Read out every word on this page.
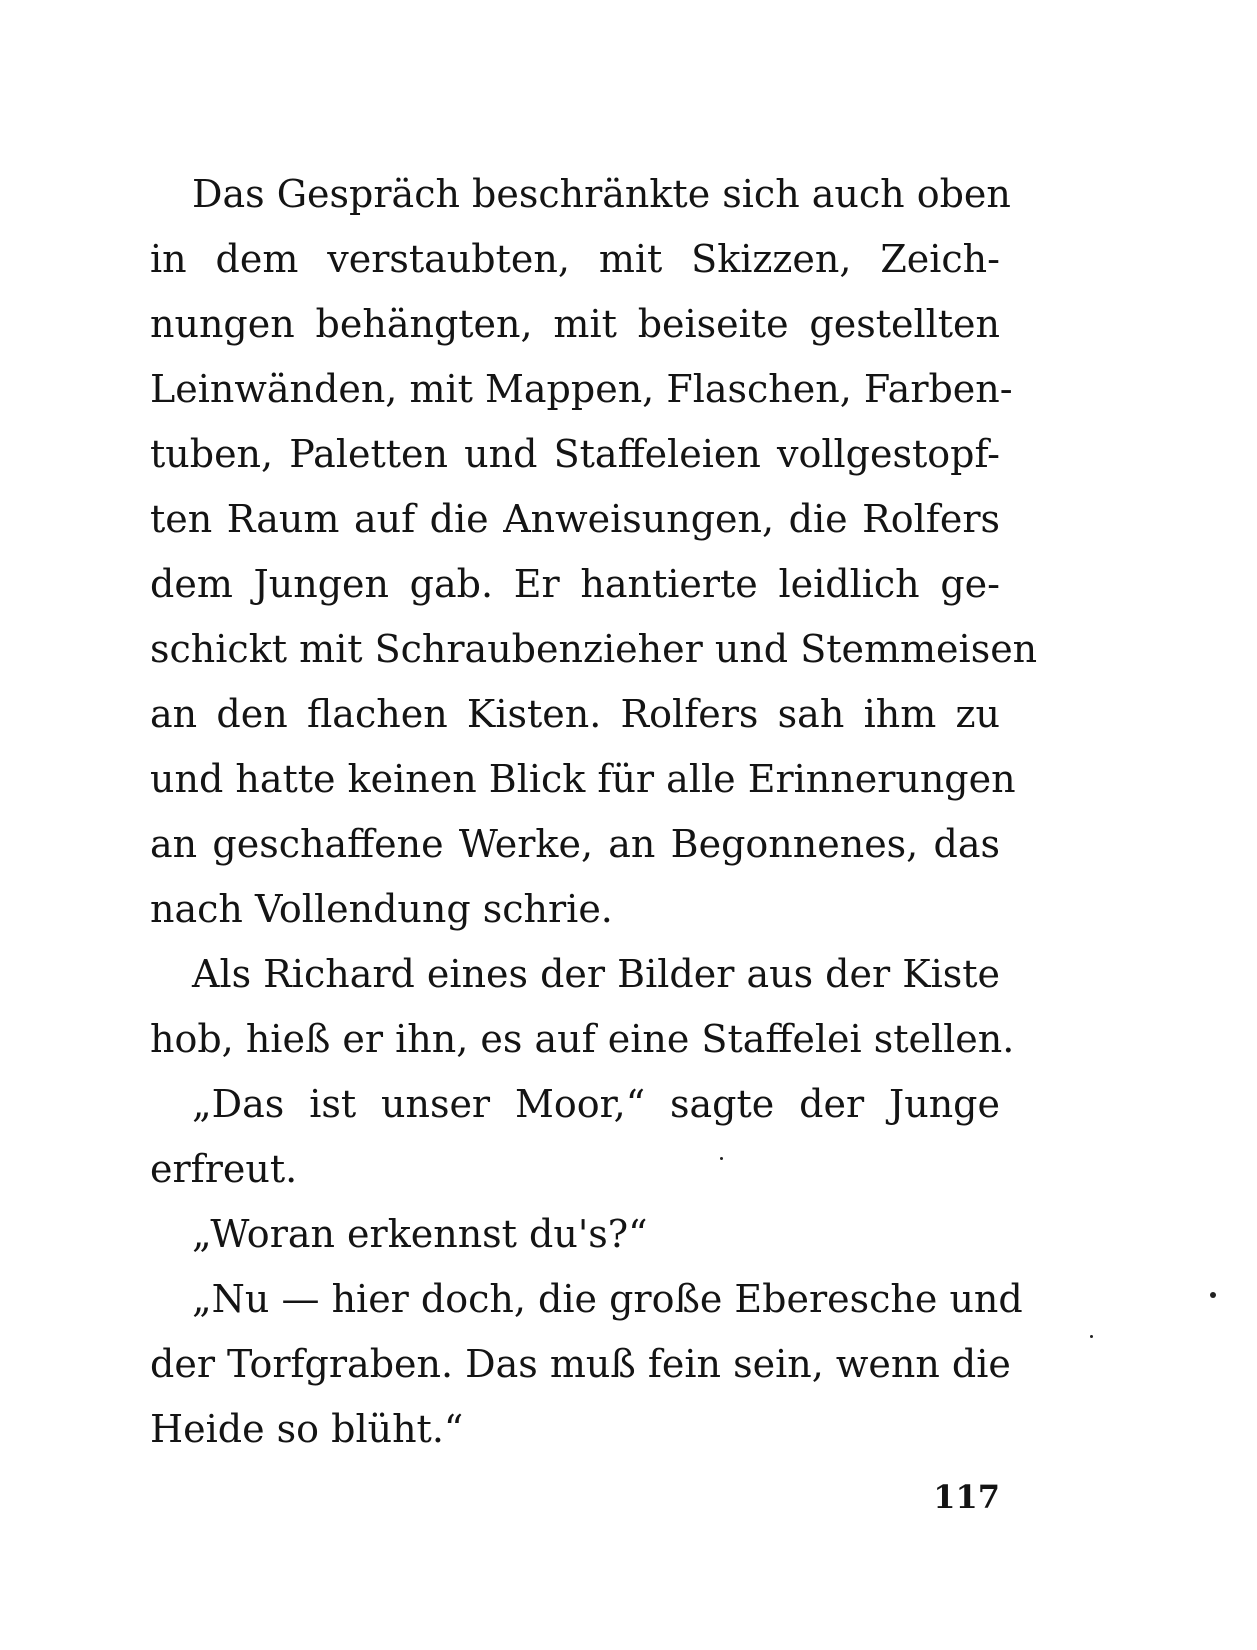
Das Gespräch beschränkte sich auch oben
in dem verstaubten, mit Skizzen, Zeich-
nungen behängten, mit beiseite gestellten
Leinwänden, mit Mappen, Flaschen, Farben-
tuben, Paletten und Staffeleien vollgestopf-
ten Raum auf die Anweisungen, die Rolfers
dem Jungen gab. Er hantierte leidlich ge-
schickt mit Schraubenzieher und Stemmeisen
an den flachen Kisten. Rolfers sah ihm zu
und hatte keinen Blick für alle Erinnerungen
an geschaffene Werke, an Begonnenes, das
nach Vollendung schrie.

Als Richard eines der Bilder aus der Kiste
hob, hieß er ihn, es auf eine Staffelei stellen.

„Das ist unser Moor,“ sagte der Junge
erfreut.

„Woran erkennst du's?“

„Nu — hier doch, die große Eberesche und
der Torfgraben. Das muß fein sein, wenn die
Heide so blüht.“

117
